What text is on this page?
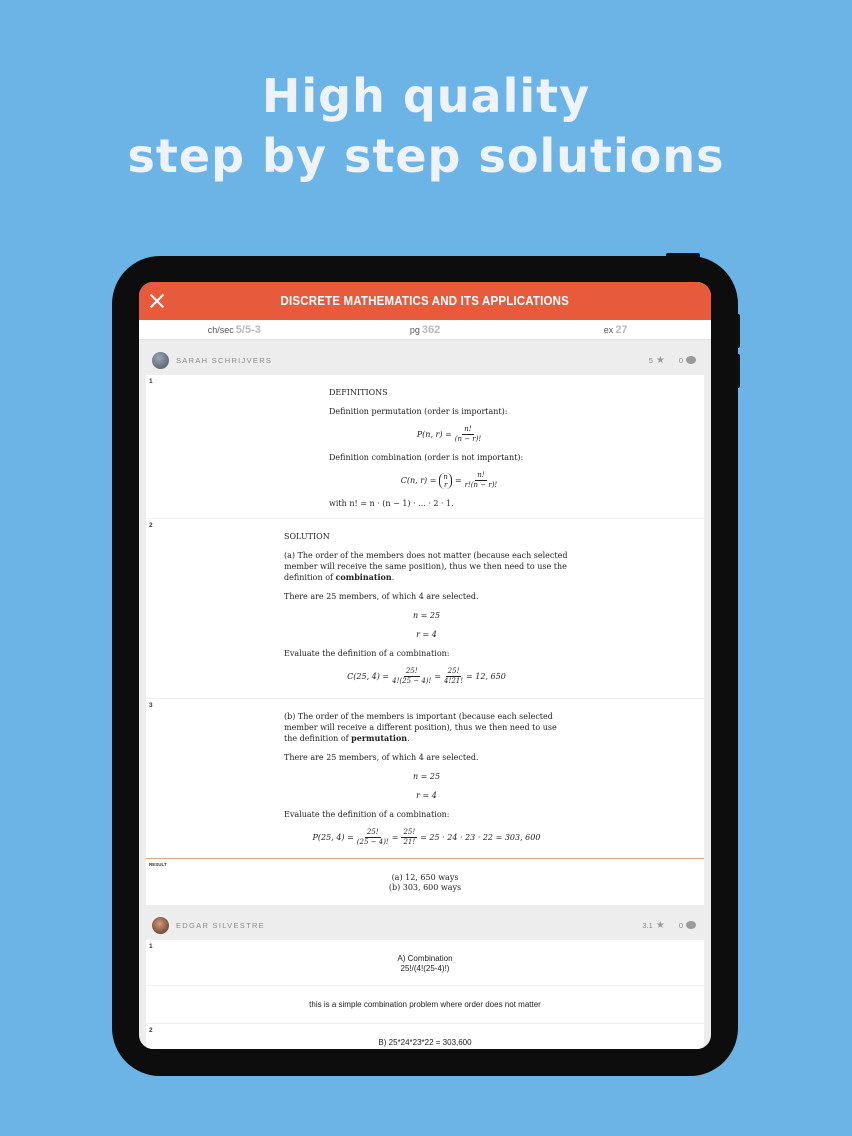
High quality
step by step solutions
DISCRETE MATHEMATICS AND ITS APPLICATIONS
ch/sec 5/5-3	pg 362	ex 27
SARAH SCHRIJVERS	5 ★ 0
1

DEFINITIONS

Definition permutation (order is important):

P(n, $r) = \frac{n!}{(n - r)!}$

Definition combination (order is not important):

C(n, r) = n
$r = \frac{n!}{r!(n - r)!}$

with n! = n · (n − 1) · ... · 2 · 1.

2

SOLUTION

(a) The order of the members does not matter (because each selected member will receive the same position), thus we then need to use the definition of combination.

There are 25 members, of which 4 are selected.

n = 25

r = 4

Evaluate the definition of a combination:

C(25, $4) = \frac{25!}{4!(25 - 4)!} = \frac{25!}{4!21!} = 12$, 650
3

(b) The order of the members is important (because each selected member will receive a different position), thus we then need to use the definition of permutation.

There are 25 members, of which 4 are selected.

n = 25

r = 4

Evaluate the definition of a combination:

P(25, $4) = \frac{25!}{(25 - 4)!} = \frac{25!}{21!} = 25 \cdot 24 \cdot 23 \cdot 22 = 303$, 600
RESULT
(a) 12, 650 ways
(b) 303, 600 ways
EDGAR SILVESTRE	3.1 ★ 0
1
A) Combination
25!/(4!(25-4)!)
this is a simple combination problem where order does not matter
2
B) 25*24*23*22 = 303,600
